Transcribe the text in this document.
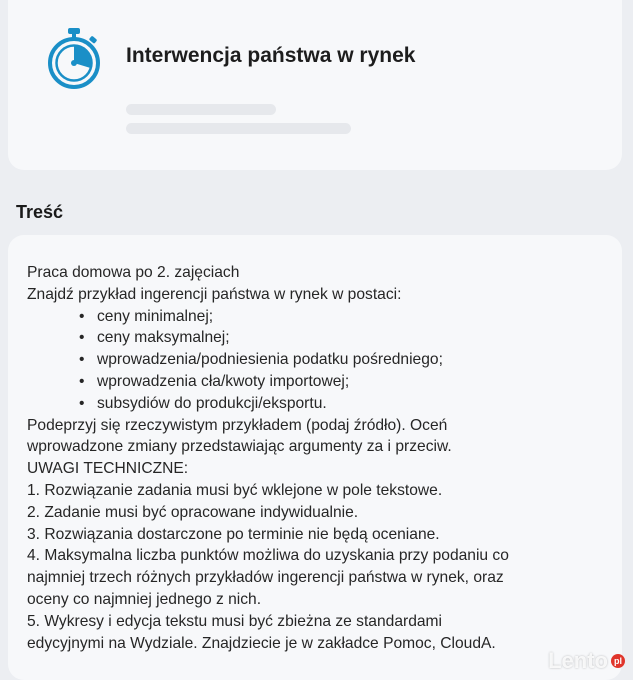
Interwencja państwa w rynek
Treść
Praca domowa po 2. zajęciach
Znajdź przykład ingerencji państwa w rynek w postaci:
• ceny minimalnej;
• ceny maksymalnej;
• wprowadzenia/podniesienia podatku pośredniego;
• wprowadzenia cła/kwoty importowej;
• subsydiów do produkcji/eksportu.
Podeprzyj się rzeczywistym przykładem (podaj źródło). Oceń
wprowadzone zmiany przedstawiając argumenty za i przeciw.
UWAGI TECHNICZNE:
1. Rozwiązanie zadania musi być wklejone w pole tekstowe.
2. Zadanie musi być opracowane indywidualnie.
3. Rozwiązania dostarczone po terminie nie będą oceniane.
4. Maksymalna liczba punktów możliwa do uzyskania przy podaniu co
najmniej trzech różnych przykładów ingerencji państwa w rynek, oraz
oceny co najmniej jednego z nich.
5. Wykresy i edycja tekstu musi być zbieżna ze standardami
edycyjnymi na Wydziale. Znajdziecie je w zakładce Pomoc, CloudA.
Lento pl
